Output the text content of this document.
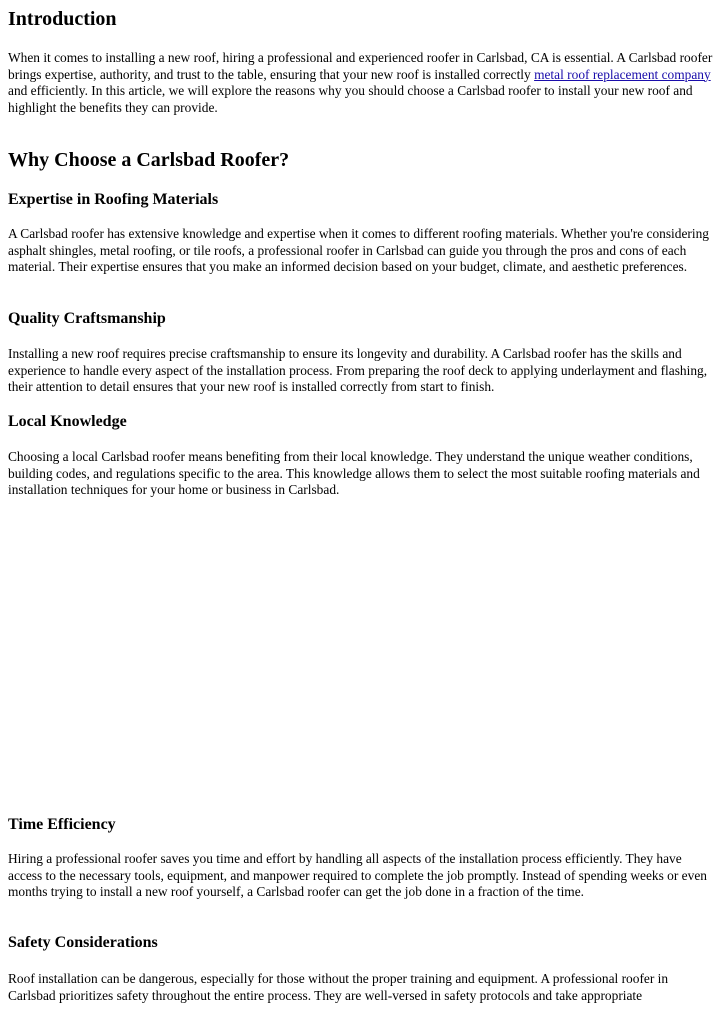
Introduction

When it comes to installing a new roof, hiring a professional and experienced roofer in Carlsbad, CA is essential. A Carlsbad roofer brings expertise, authority, and trust to the table, ensuring that your new roof is installed correctly metal roof replacement company and efficiently. In this article, we will explore the reasons why you should choose a Carlsbad roofer to install your new roof and highlight the benefits they can provide.

Why Choose a Carlsbad Roofer?
Expertise in Roofing Materials

A Carlsbad roofer has extensive knowledge and expertise when it comes to different roofing materials. Whether you're considering asphalt shingles, metal roofing, or tile roofs, a professional roofer in Carlsbad can guide you through the pros and cons of each material. Their expertise ensures that you make an informed decision based on your budget, climate, and aesthetic preferences.

Quality Craftsmanship

Installing a new roof requires precise craftsmanship to ensure its longevity and durability. A Carlsbad roofer has the skills and experience to handle every aspect of the installation process. From preparing the roof deck to applying underlayment and flashing, their attention to detail ensures that your new roof is installed correctly from start to finish.

Local Knowledge

Choosing a local Carlsbad roofer means benefiting from their local knowledge. They understand the unique weather conditions, building codes, and regulations specific to the area. This knowledge allows them to select the most suitable roofing materials and installation techniques for your home or business in Carlsbad.

Time Efficiency

Hiring a professional roofer saves you time and effort by handling all aspects of the installation process efficiently. They have access to the necessary tools, equipment, and manpower required to complete the job promptly. Instead of spending weeks or even months trying to install a new roof yourself, a Carlsbad roofer can get the job done in a fraction of the time.

Safety Considerations

Roof installation can be dangerous, especially for those without the proper training and equipment. A professional roofer in Carlsbad prioritizes safety throughout the entire process. They are well-versed in safety protocols and take appropriate
